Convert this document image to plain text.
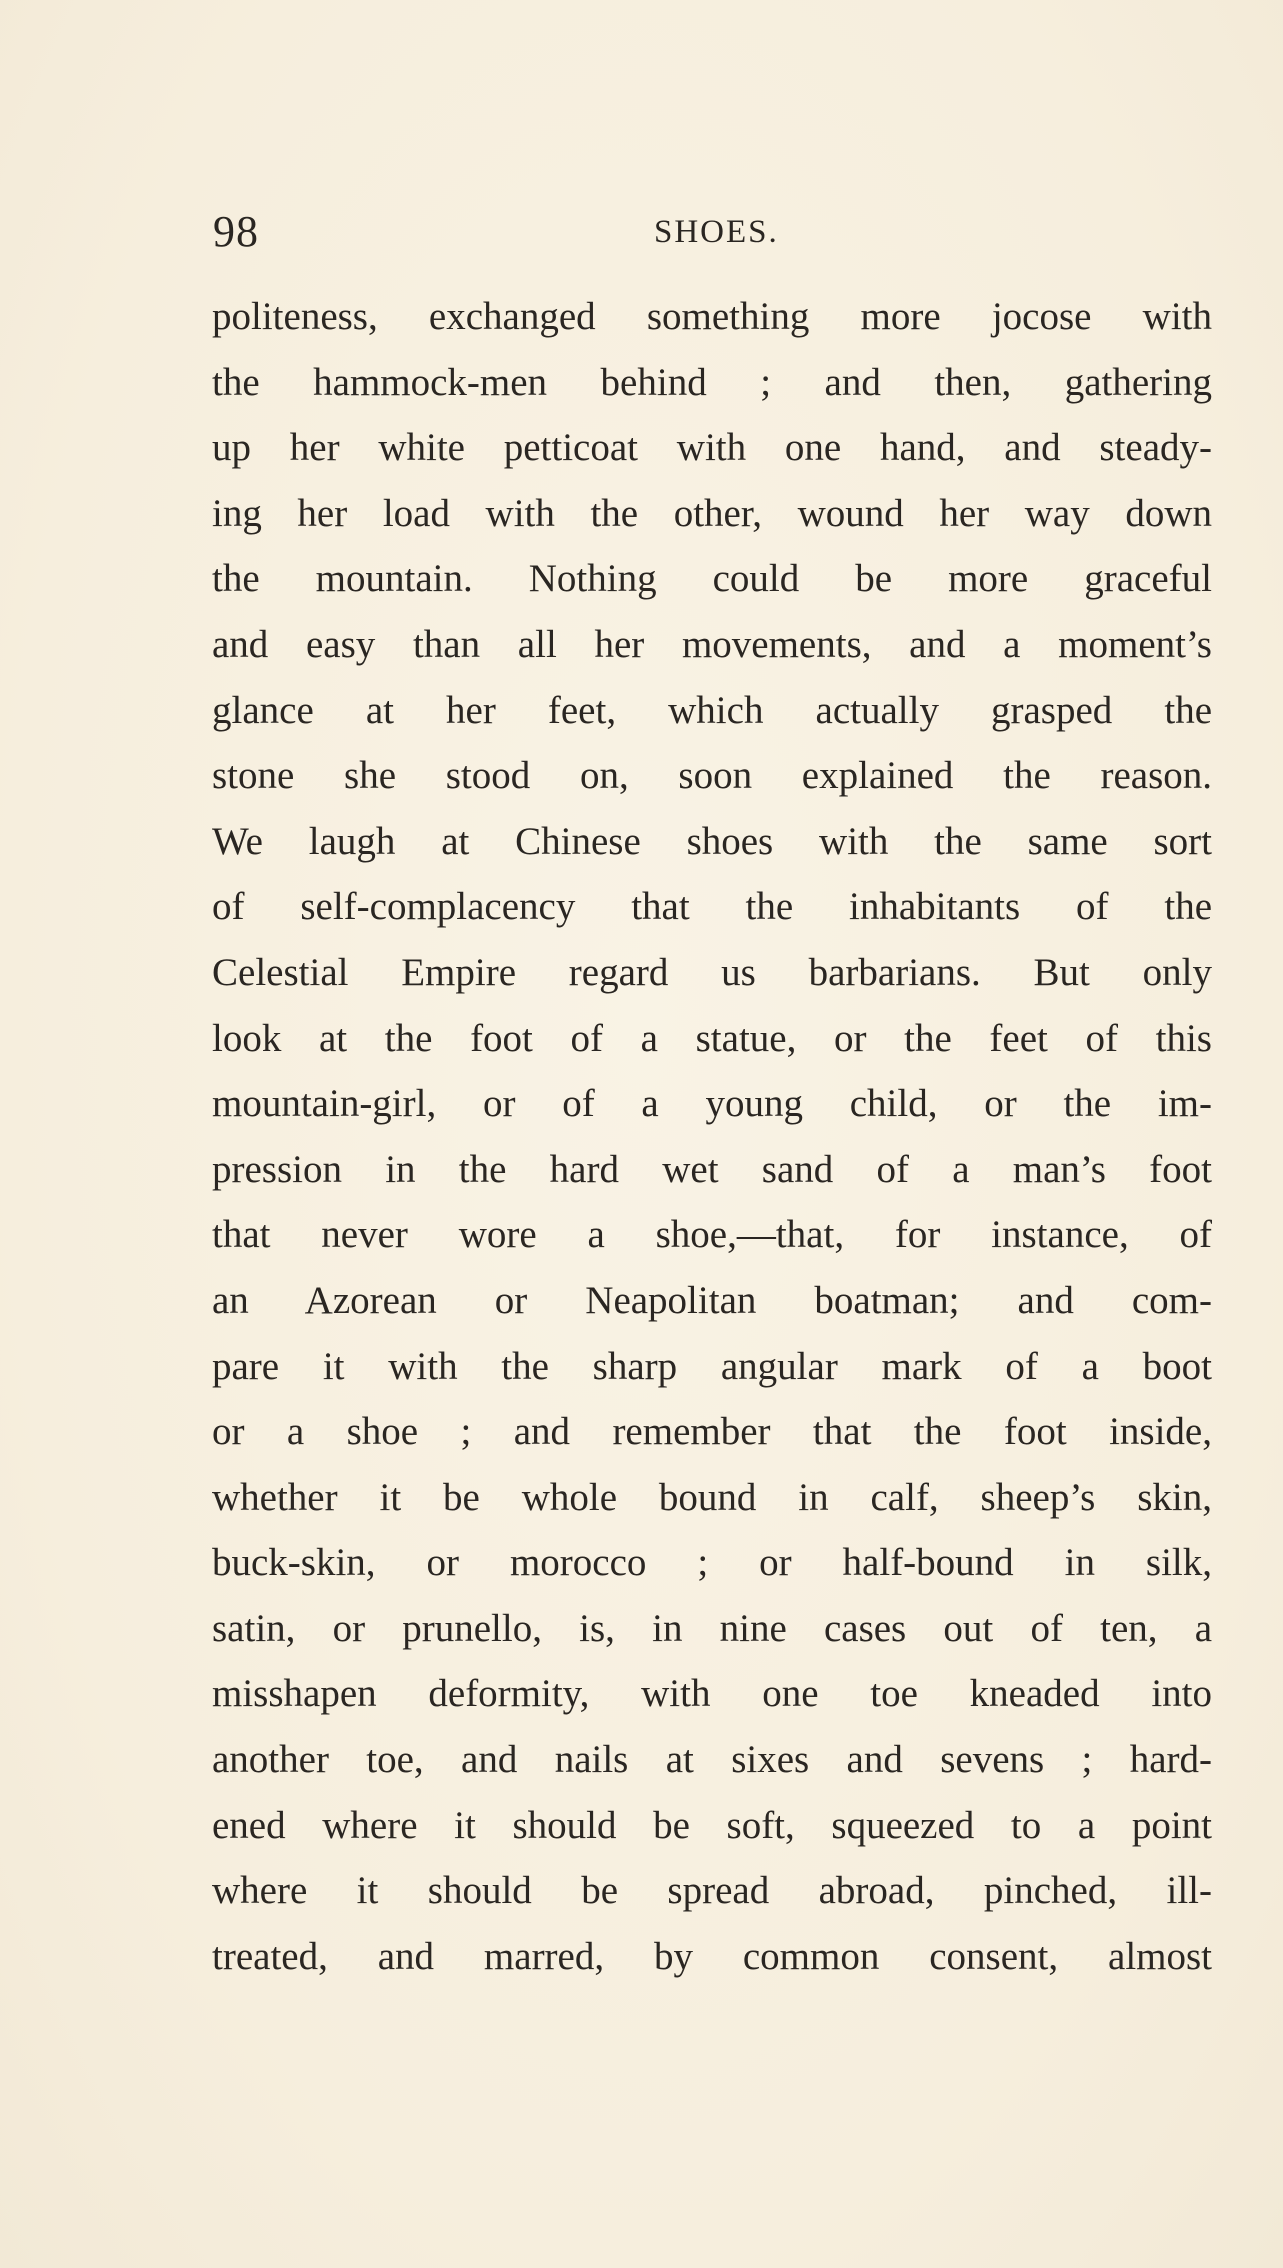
98	SHOES.
politeness, exchanged something more jocose with
the hammock-men behind ; and then, gathering
up her white petticoat with one hand, and steady-
ing her load with the other, wound her way down
the mountain. Nothing could be more graceful
and easy than all her movements, and a moment’s
glance at her feet, which actually grasped the
stone she stood on, soon explained the reason.
We laugh at Chinese shoes with the same sort
of self-complacency that the inhabitants of the
Celestial Empire regard us barbarians. But only
look at the foot of a statue, or the feet of this
mountain-girl, or of a young child, or the im-
pression in the hard wet sand of a man’s foot
that never wore a shoe,—that, for instance, of
an Azorean or Neapolitan boatman; and com-
pare it with the sharp angular mark of a boot
or a shoe ; and remember that the foot inside,
whether it be whole bound in calf, sheep’s skin,
buck-skin, or morocco ; or half-bound in silk,
satin, or prunello, is, in nine cases out of ten, a
misshapen deformity, with one toe kneaded into
another toe, and nails at sixes and sevens ; hard-
ened where it should be soft, squeezed to a point
where it should be spread abroad, pinched, ill-
treated, and marred, by common consent, almost
